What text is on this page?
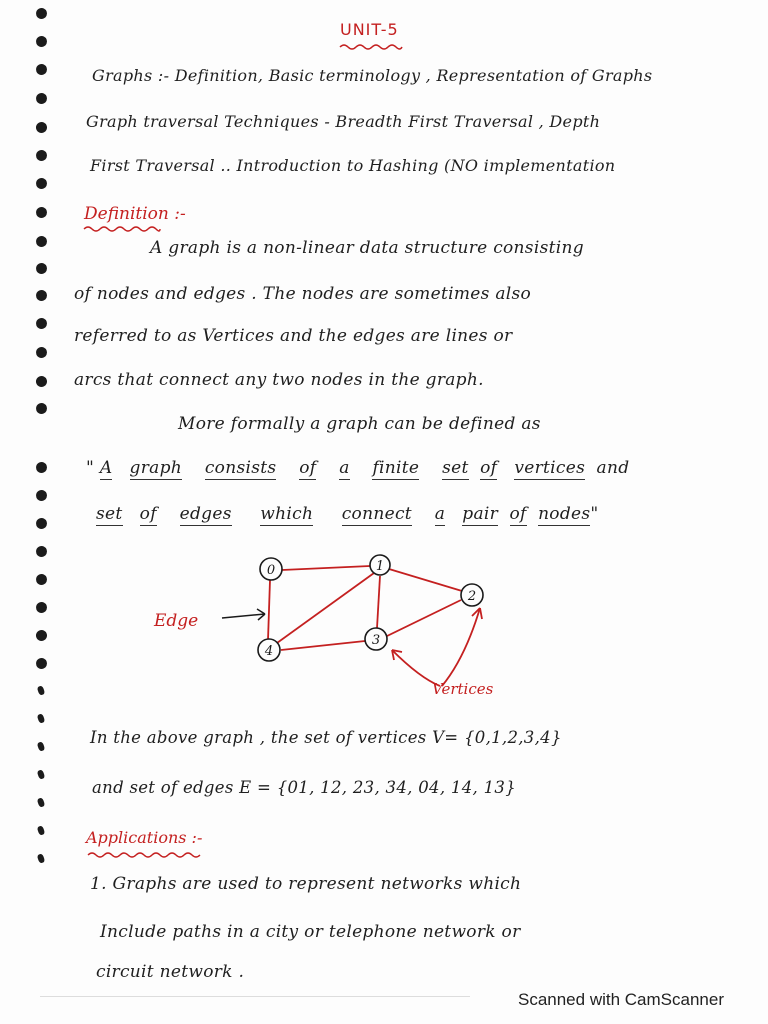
UNIT-5
Graphs :- Definition, Basic terminology , Representation of Graphs
Graph traversal Techniques - Breadth First Traversal , Depth
First Traversal .. Introduction to Hashing (NO implementation
Definition :-
A graph is a non-linear data structure consisting
of nodes and edges . The nodes are sometimes also
referred to as Vertices and the edges are lines or
arcs that connect any two nodes in the graph.
More formally a graph can be defined as
" A graph consists of a finite set of vertices and
set of edges which connect a pair of nodes"
0	1
2
3
4
Edge
Vertices
In the above graph , the set of vertices V= {0,1,2,3,4}
and set of edges E = {01, 12, 23, 34, 04, 14, 13}
Applications :-
1. Graphs are used to represent networks which
Include paths in a city or telephone network or
circuit network .
Scanned with CamScanner
